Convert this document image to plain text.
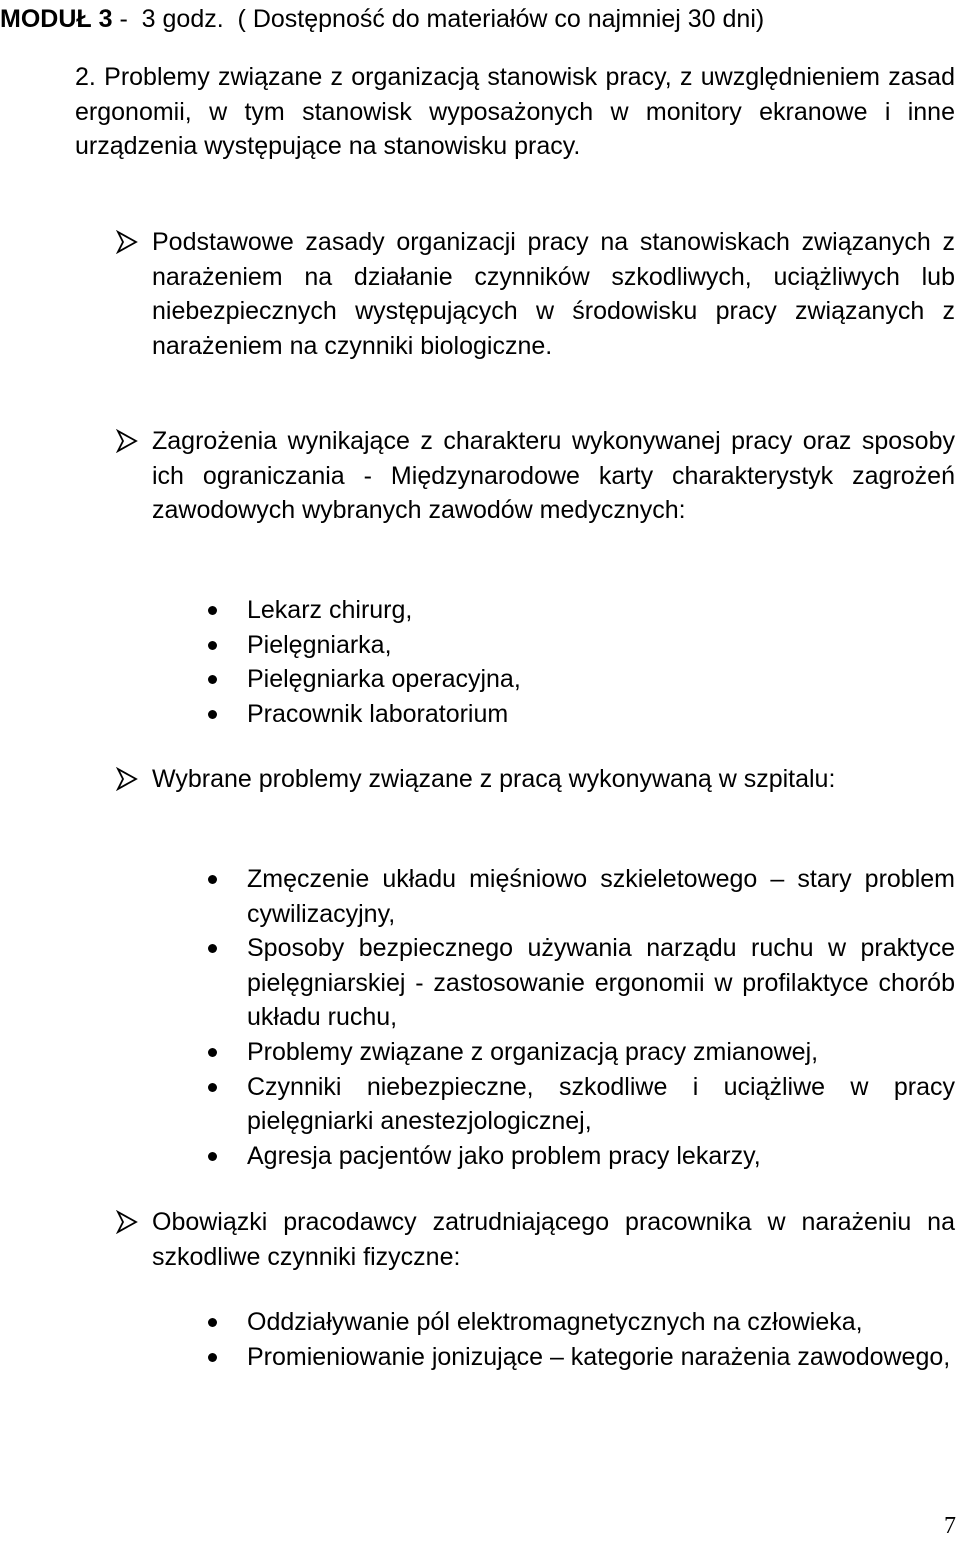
MODUŁ 3 -  3 godz.  ( Dostępność do materiałów co najmniej 30 dni)
2. Problemy związane z organizacją stanowisk pracy, z uwzględnieniem zasad ergonomii, w tym stanowisk wyposażonych w monitory ekranowe i inne urządzenia występujące na stanowisku pracy.

Podstawowe zasady organizacji pracy na stanowiskach związanych z narażeniem na działanie czynników szkodliwych, uciążliwych lub niebezpiecznych występujących w środowisku pracy związanych z narażeniem na czynniki biologiczne.

Zagrożenia wynikające z charakteru wykonywanej pracy oraz sposoby ich ograniczania - Międzynarodowe karty charakterystyk zagrożeń zawodowych wybranych zawodów medycznych:

Lekarz chirurg,
Pielęgniarka,
Pielęgniarka operacyjna,
Pracownik laboratorium

Wybrane problemy związane z pracą wykonywaną w szpitalu:

Zmęczenie układu mięśniowo szkieletowego – stary problem cywilizacyjny,
Sposoby bezpiecznego używania narządu ruchu w praktyce pielęgniarskiej - zastosowanie ergonomii w profilaktyce chorób układu ruchu,
Problemy związane z organizacją pracy zmianowej,
Czynniki niebezpieczne, szkodliwe i uciążliwe w pracy pielęgniarki anestezjologicznej,
Agresja pacjentów jako problem pracy lekarzy,

Obowiązki pracodawcy zatrudniającego pracownika w narażeniu na szkodliwe czynniki fizyczne:

Oddziaływanie pól elektromagnetycznych na człowieka,
Promieniowanie jonizujące – kategorie narażenia zawodowego,
7
